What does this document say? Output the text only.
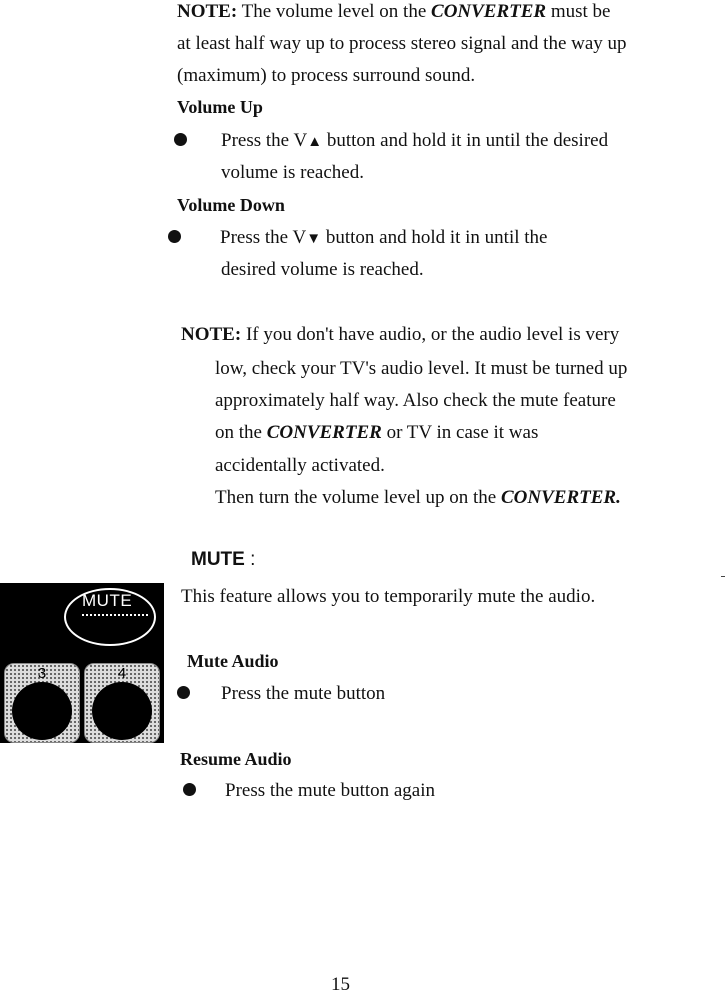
NOTE: The volume level on the CONVERTER must be
at least half way up to process stereo signal and the way up
(maximum) to process surround sound.
Volume Up
Press the V▲ button and hold it in until the desired
volume is reached.
Volume Down
Press the V▼ button and hold it in until the
desired volume is reached.
NOTE: If you don't have audio, or the audio level is very
low, check your TV's audio level. It must be turned up
approximately half way. Also check the mute feature
on the CONVERTER or TV in case it was
accidentally activated.
Then turn the volume level up on the CONVERTER.
MUTE :
This feature allows you to temporarily mute the audio.
Mute Audio
Press the mute button
Resume Audio
Press the mute button again
MUTE
3	4
15
